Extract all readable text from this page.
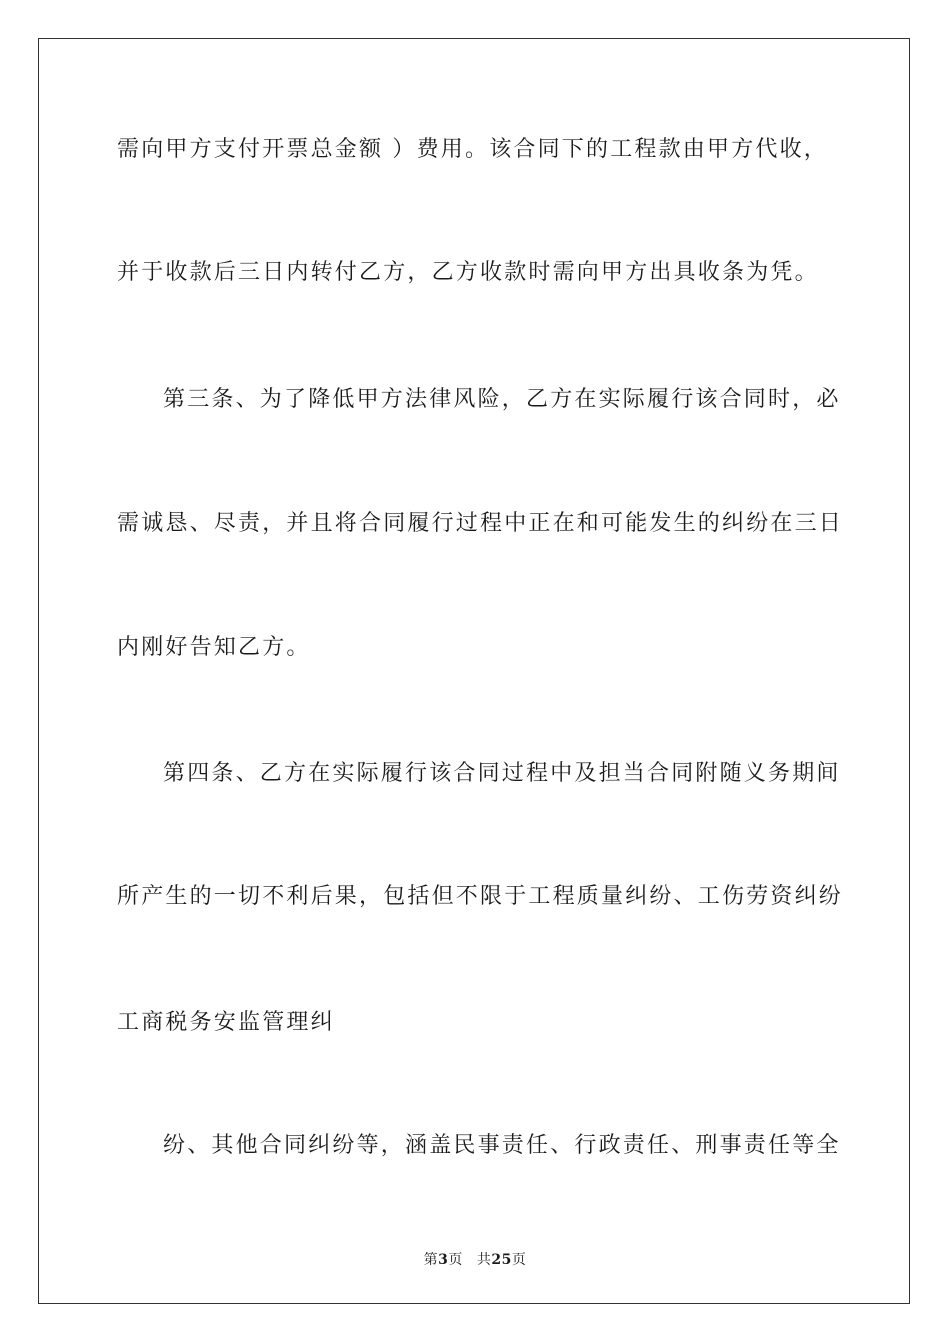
需向甲方支付开票总金额 ）费用。该合同下的工程款由甲方代收，
并于收款后三日内转付乙方，乙方收款时需向甲方出具收条为凭。
第三条、为了降低甲方法律风险，乙方在实际履行该合同时，必
需诚恳、尽责，并且将合同履行过程中正在和可能发生的纠纷在三日
内刚好告知乙方。
第四条、乙方在实际履行该合同过程中及担当合同附随义务期间
所产生的一切不利后果，包括但不限于工程质量纠纷、工伤劳资纠纷
工商税务安监管理纠
纷、其他合同纠纷等，涵盖民事责任、行政责任、刑事责任等全
第3页 共25页
